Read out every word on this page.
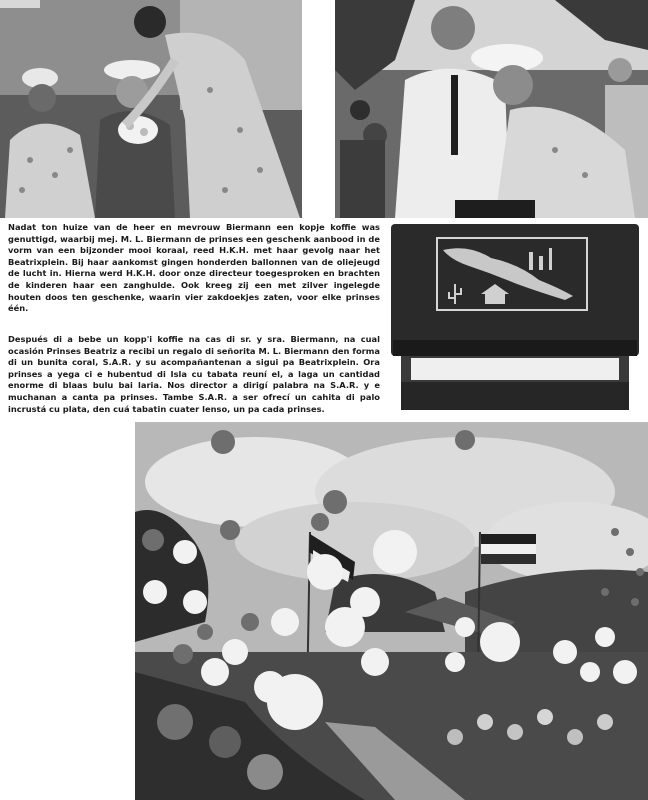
Nadat ton huize van de heer en mevrouw Biermann een kopje koffie was genuttigd, waarbij mej. M. L. Biermann de prinses een geschenk aanbood in de vorm van een bijzonder mooi koraal, reed H.K.H. met haar gevolg naar het Beatrixplein. Bij haar aankomst gingen honderden ballonnen van de oliejeugd de lucht in. Hierna werd H.K.H. door onze directeur toegesproken en brachten de kinderen haar een zanghulde. Ook kreeg zij een met zilver ingelegde houten doos ten geschenke, waarin vier zakdoekjes zaten, voor elke prinses één.

Después di a bebe un kopp'i koffie na cas di sr. y sra. Biermann, na cual ocasión Prinses Beatriz a recibi un regalo di señorita M. L. Biermann den forma di un bunita coral, S.A.R. y su acompañantenan a sigui pa Beatrixplein. Ora prinses a yega ci e hubentud di Isla cu tabata reuní el, a laga un cantidad enorme di blaas bulu bai laria. Nos director a dirigí palabra na S.A.R. y e muchanan a canta pa prinses. Tambe S.A.R. a ser ofrecí un cahita di palo incrustá cu plata, den cuá tabatin cuater lenso, un pa cada prinses.
